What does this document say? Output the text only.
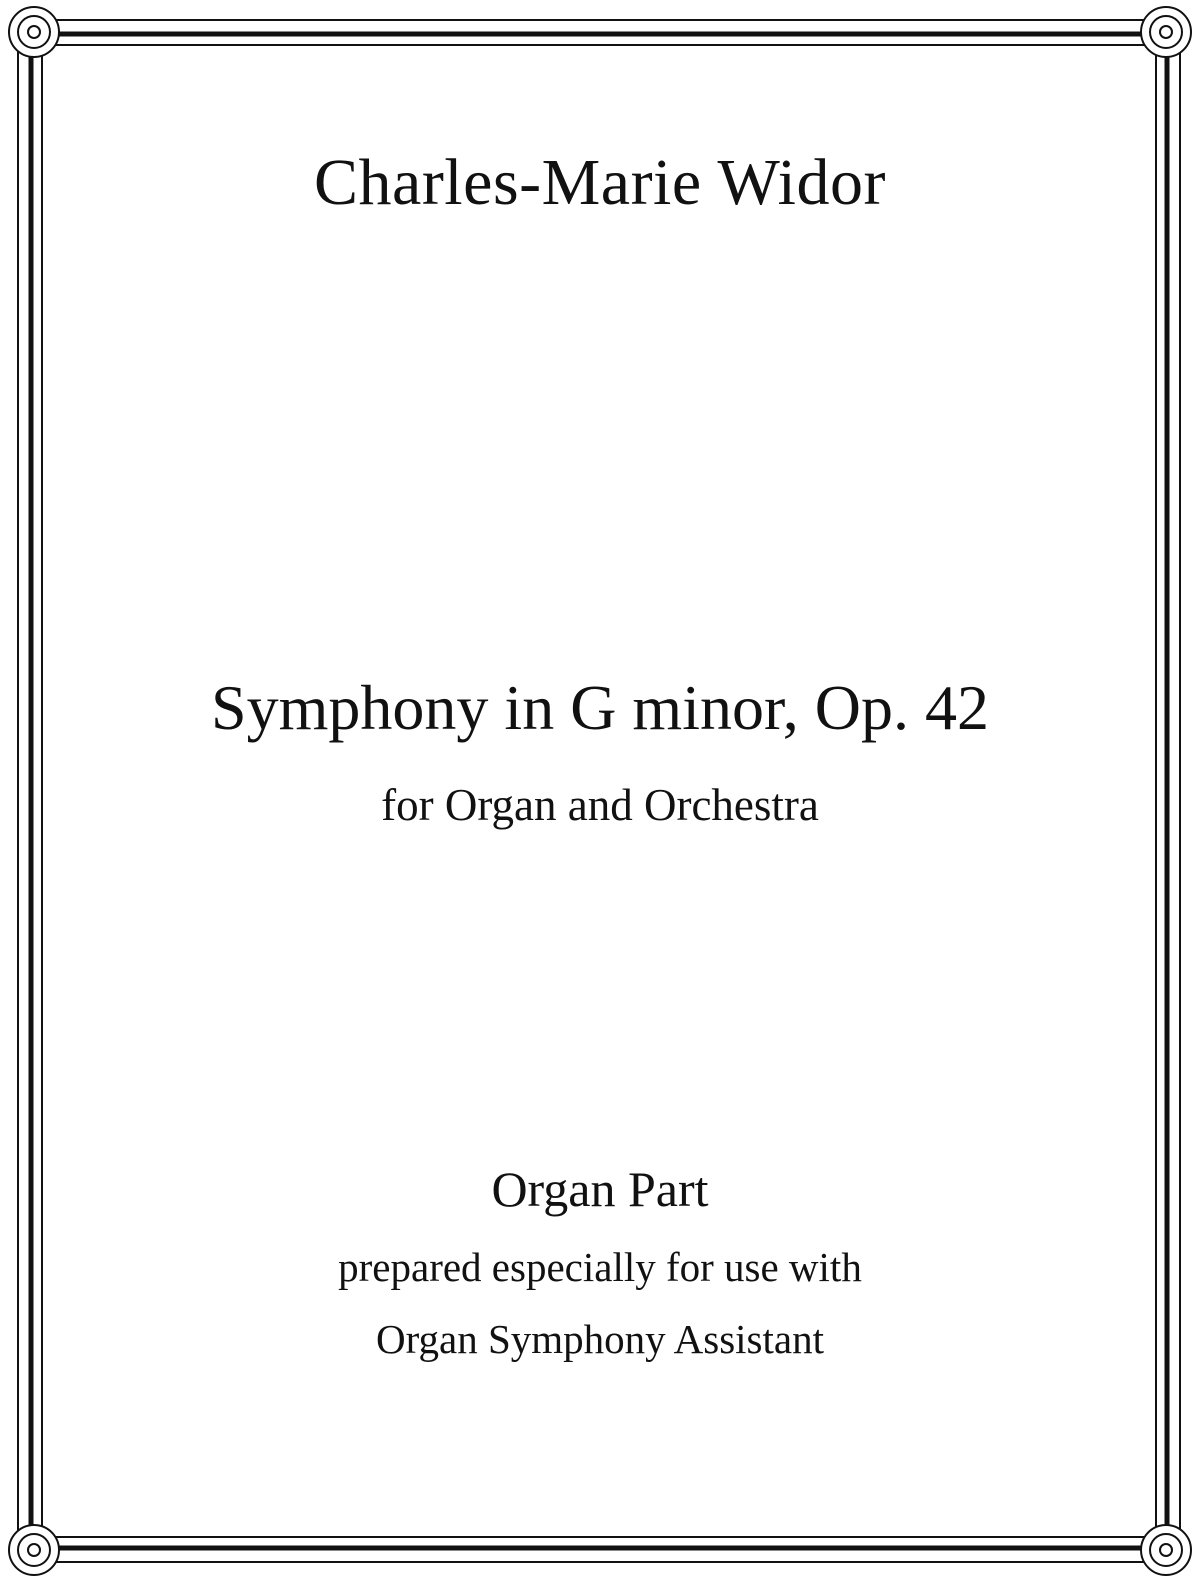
Charles-Marie Widor
Symphony in G minor, Op. 42
for Organ and Orchestra
Organ Part
prepared especially for use with
Organ Symphony Assistant
